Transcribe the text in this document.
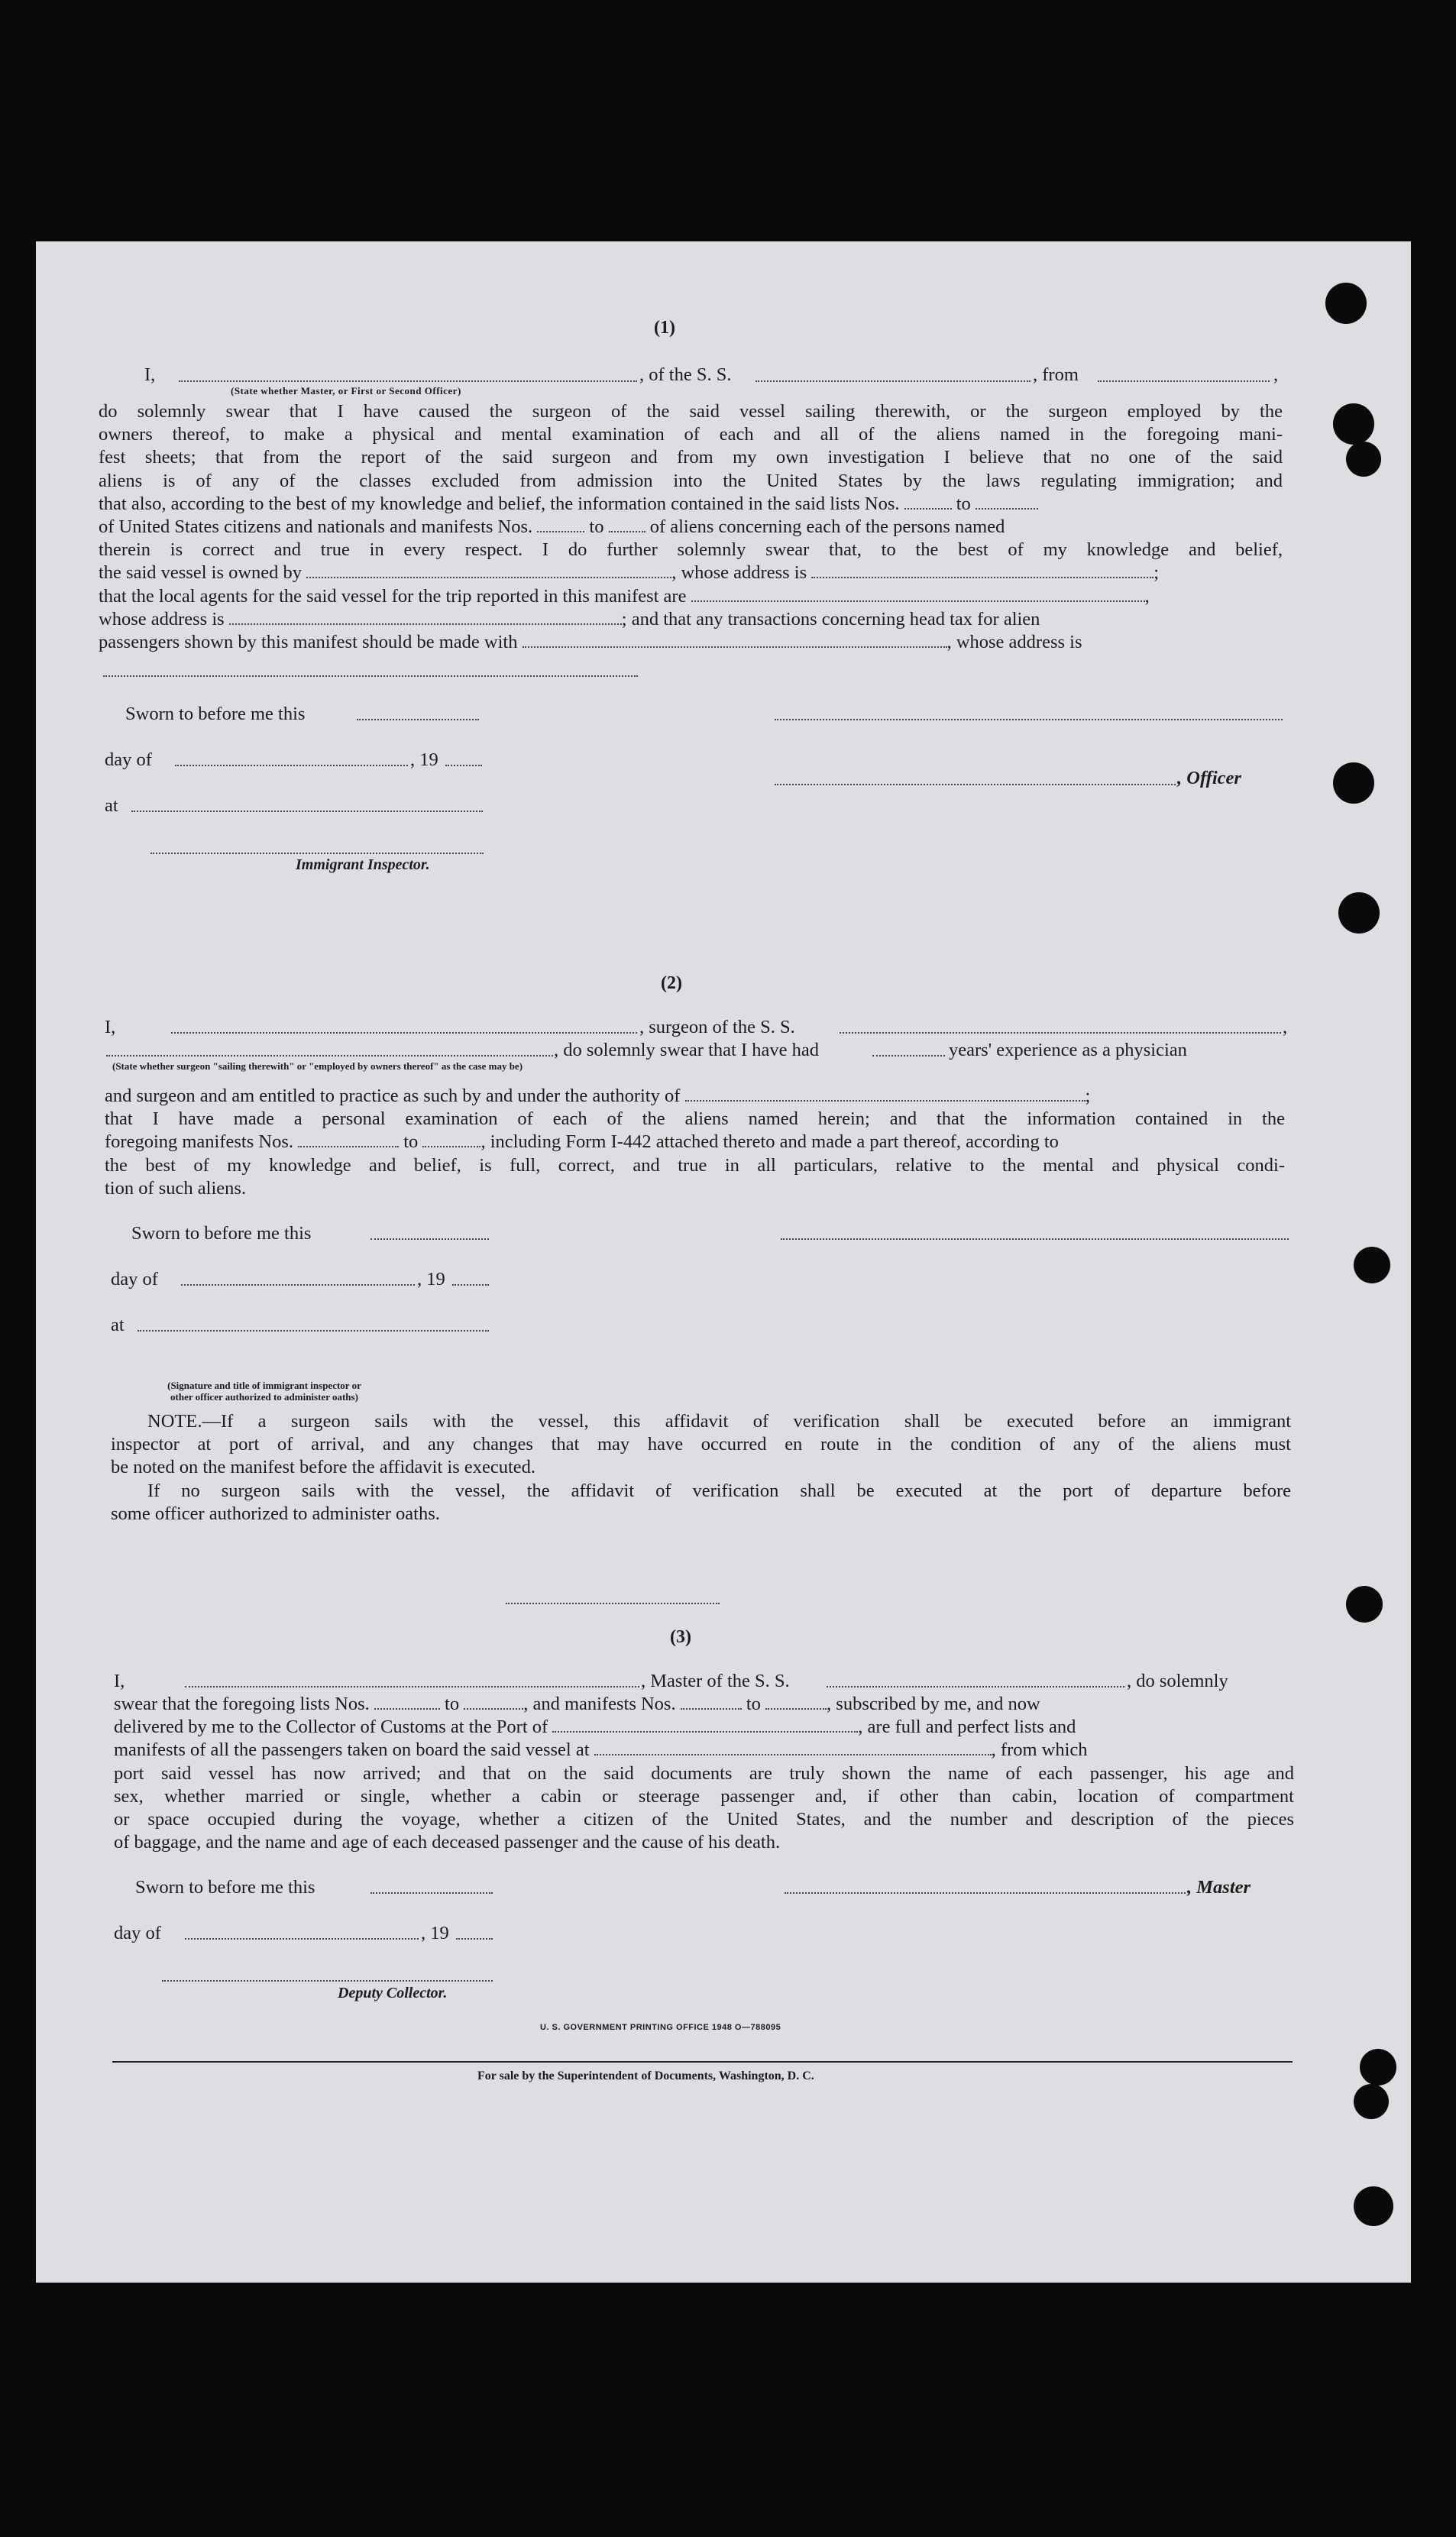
(1)
I,	, of the S. S.	, from	,
(State whether Master, or First or Second Officer)
do solemnly swear that I have caused the surgeon of the said vessel sailing therewith, or the surgeon employed by the
owners thereof, to make a physical and mental examination of each and all of the aliens named in the foregoing mani-
fest sheets; that from the report of the said surgeon and from my own investigation I believe that no one of the said
aliens is of any of the classes excluded from admission into the United States by the laws regulating immigration; and
that also, according to the best of my knowledge and belief, the information contained in the said lists Nos.	to
of United States citizens and nationals and manifests Nos.	to of aliens concerning each of the persons named
therein is correct and true in every respect. I do further solemnly swear that, to the best of my knowledge and belief,
the said vessel is owned by	, whose address is	;
that the local agents for the said vessel for the trip reported in this manifest are	,
whose address is	; and that any transactions concerning head tax for alien
passengers shown by this manifest should be made with	, whose address is
Sworn to before me this
day of	, 19
, Officer
at
Immigrant Inspector.
(2)
I,	, surgeon of the S. S.	,
, do solemnly swear that I have had	years' experience as a physician
(State whether surgeon "sailing therewith" or "employed by owners thereof" as the case may be)
and surgeon and am entitled to practice as such by and under the authority of	;
that I have made a personal examination of each of the aliens named herein; and that the information contained in the
foregoing manifests Nos.	to	, including Form I-442 attached thereto and made a part thereof, according to
the best of my knowledge and belief, is full, correct, and true in all particulars, relative to the mental and physical condi-
tion of such aliens.
Sworn to before me this
day of	, 19
at
(Signature and title of immigrant inspector or
other officer authorized to administer oaths)
NOTE.—If a surgeon sails with the vessel, this affidavit of verification shall be executed before an immigrant
inspector at port of arrival, and any changes that may have occurred en route in the condition of any of the aliens must
be noted on the manifest before the affidavit is executed.
If no surgeon sails with the vessel, the affidavit of verification shall be executed at the port of departure before
some officer authorized to administer oaths.
(3)
I,	, Master of the S. S.	, do solemnly
swear that the foregoing lists Nos.	to	, and manifests Nos.	to	, subscribed by me, and now
delivered by me to the Collector of Customs at the Port of	, are full and perfect lists and
manifests of all the passengers taken on board the said vessel at	, from which
port said vessel has now arrived; and that on the said documents are truly shown the name of each passenger, his age and
sex, whether married or single, whether a cabin or steerage passenger and, if other than cabin, location of compartment
or space occupied during the voyage, whether a citizen of the United States, and the number and description of the pieces
of baggage, and the name and age of each deceased passenger and the cause of his death.
Sworn to before me this	, Master
day of	, 19
Deputy Collector.
U. S. GOVERNMENT PRINTING OFFICE 1948 O—788095
For sale by the Superintendent of Documents, Washington, D. C.
